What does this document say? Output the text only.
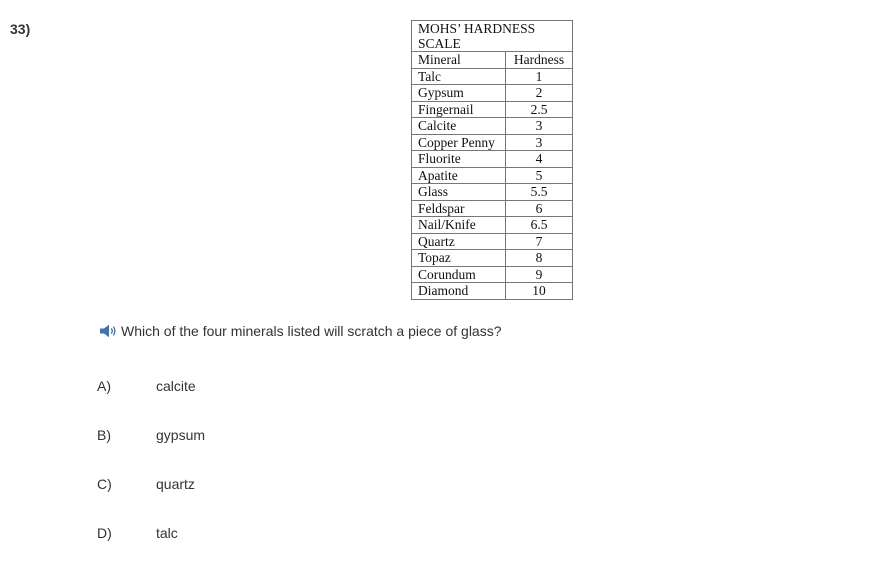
33)	MOHS’ HARDNESS SCALE	
Mineral	Hardness
Talc	1
Gypsum	2
Fingernail	2.5
Calcite	3
Copper Penny	3
Fluorite	4
Apatite	5
Glass	5.5
Feldspar	6
Nail/Knife	6.5
Quartz	7
Topaz	8
Corundum	9
Diamond	10
Which of the four minerals listed will scratch a piece of glass?
A)	calcite
B)	gypsum
C)	quartz
D)	talc
